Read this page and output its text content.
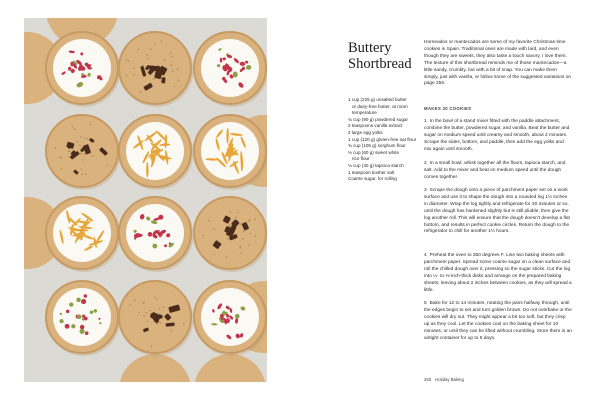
Buttery
Shortbread
1 cup (225 g) unsalted butter
or dairy-free butter, at room
temperature
¾ cup (90 g) powdered sugar
2 teaspoons vanilla extract
2 large egg yolks
1 cup (120 g) gluten-free oat flour
¾ cup (105 g) sorghum flour
⅓ cup (60 g) sweet white
rice flour
⅓ cup (40 g) tapioca starch
1 teaspoon kosher salt
Coarse sugar, for rolling

Horneados or mantecados are some of my favorite Christmas-time cookies in Spain. Traditional ones are made with lard, and even though they are sweets, they also taste a touch savory. I love them. The texture of this shortbread reminds me of those mantecados—a little sandy, crumbly, but with a bit of snap. You can make them simply, just with vanilla, or follow some of the suggested variations on page 256.

MAKES 30 COOKIES

1 In the bowl of a stand mixer fitted with the paddle attachment, combine the butter, powdered sugar, and vanilla. Beat the butter and sugar on medium speed until creamy and smooth, about 2 minutes. Scrape the sides, bottom, and paddle, then add the egg yolks and mix again until smooth.

2 In a small bowl, whisk together all the flours, tapioca starch, and salt. Add to the mixer and beat on medium speed until the dough comes together.

3 Scrape the dough onto a piece of parchment paper set on a work surface and use it to shape the dough into a rounded log 1½ inches in diameter. Wrap the log tightly and refrigerate for 30 minutes or so, until the dough has hardened slightly but is still pliable, then give the log another roll. This will ensure that the dough doesn't develop a flat bottom, and results in perfect cookie circles. Return the dough to the refrigerator to chill for another 1½ hours.

4 Preheat the oven to 350 degrees F. Line two baking sheets with parchment paper. Spread some coarse sugar on a clean surface and roll the chilled dough over it, pressing so the sugar sticks. Cut the log into ¼- to ⅓-inch-thick disks and arrange on the prepared baking sheets, leaving about 2 inches between cookies, as they will spread a little.

5 Bake for 12 to 14 minutes, rotating the pans halfway through, until the edges begin to set and turn golden brown. Do not overbake or the cookies will dry out. They might appear a bit too soft, but they crisp up as they cool. Let the cookies cool on the baking sheet for 10 minutes, or until they can be lifted without crumbling. Store them in an airtight container for up to 5 days.

255 Holiday Baking
